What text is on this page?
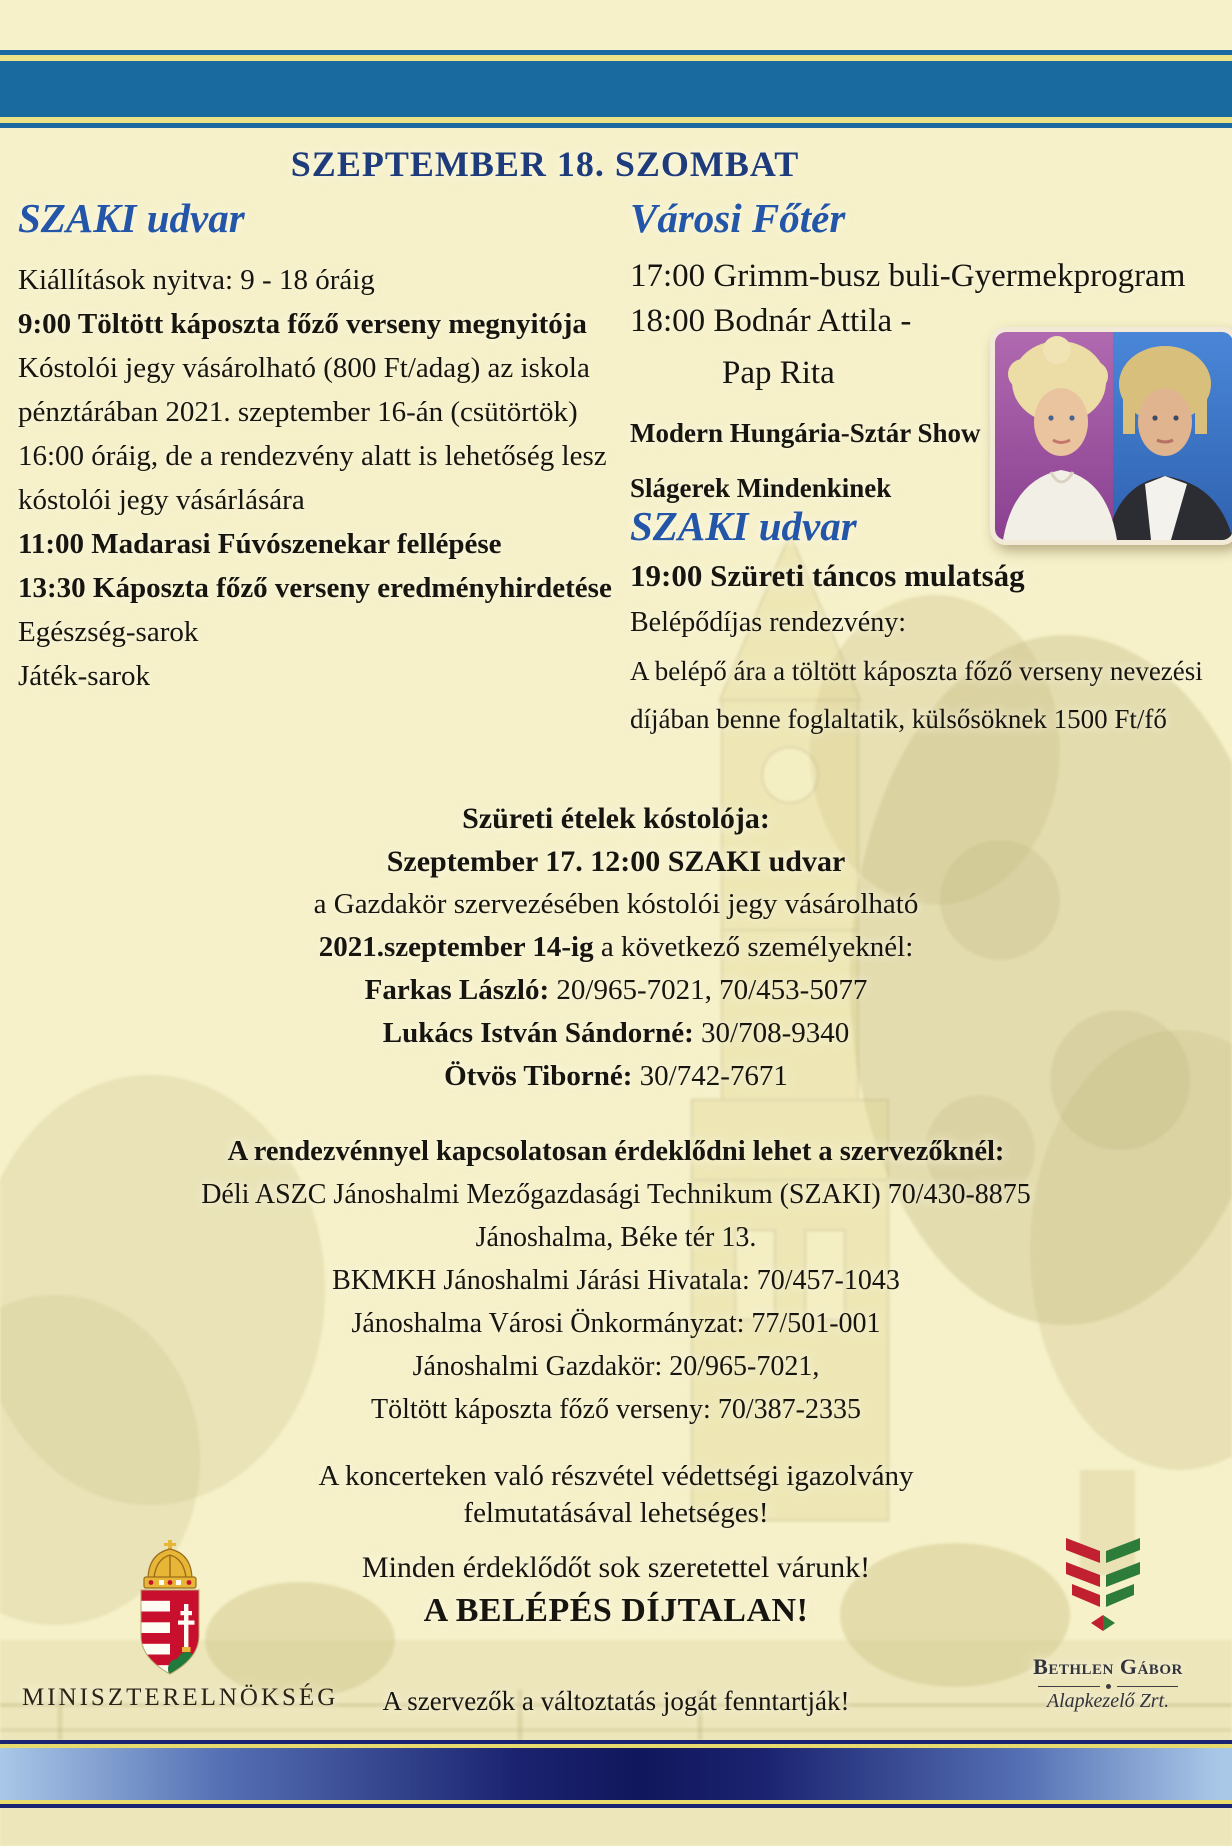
SZEPTEMBER 18. SZOMBAT
SZAKI udvar
Kiállítások nyitva: 9 - 18 óráig
9:00 Töltött káposzta főző verseny megnyitója
Kóstolói jegy vásárolható (800 Ft/adag) az iskola
pénztárában 2021. szeptember 16-án (csütörtök)
16:00 óráig, de a rendezvény alatt is lehetőség lesz
kóstolói jegy vásárlására
11:00 Madarasi Fúvószenekar fellépése
13:30 Káposzta főző verseny eredményhirdetése
Egészség-sarok
Játék-sarok
Városi Főtér
17:00 Grimm-busz buli-Gyermekprogram
18:00 Bodnár Attila -
Pap Rita
Modern Hungária-Sztár Show
Slágerek Mindenkinek
SZAKI udvar
19:00 Szüreti táncos mulatság
Belépődíjas rendezvény:
A belépő ára a töltött káposzta főző verseny nevezési
díjában benne foglaltatik, külsősöknek 1500 Ft/fő
Szüreti ételek kóstolója:
Szeptember 17. 12:00 SZAKI udvar
a Gazdakör szervezésében kóstolói jegy vásárolható
2021.szeptember 14-ig a következő személyeknél:
Farkas László: 20/965-7021, 70/453-5077
Lukács István Sándorné: 30/708-9340
Ötvös Tiborné: 30/742-7671
A rendezvénnyel kapcsolatosan érdeklődni lehet a szervezőknél:
Déli ASZC Jánoshalmi Mezőgazdasági Technikum (SZAKI) 70/430-8875
Jánoshalma, Béke tér 13.
BKMKH Jánoshalmi Járási Hivatala: 70/457-1043
Jánoshalma Városi Önkormányzat: 77/501-001
Jánoshalmi Gazdakör: 20/965-7021,
Töltött káposzta főző verseny: 70/387-2335
A koncerteken való részvétel védettségi igazolvány
felmutatásával lehetséges!
Minden érdeklődőt sok szeretettel várunk!
A BELÉPÉS DÍJTALAN!
A szervezők a változtatás jogát fenntartják!
MINISZTERELNÖKSÉG
Bethlen Gábor
Alapkezelő Zrt.
